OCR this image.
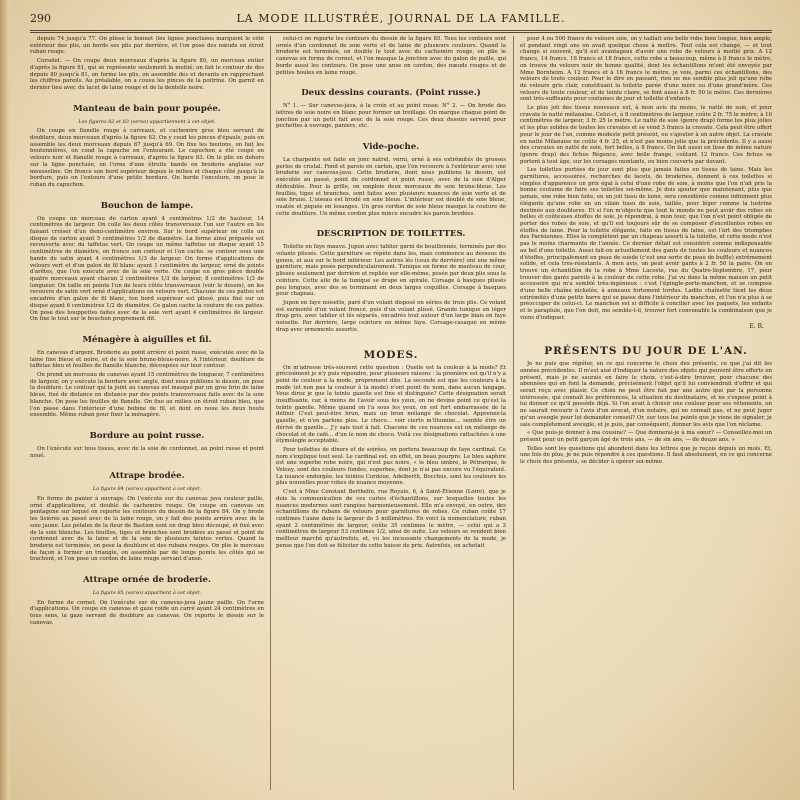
290	LA MODE ILLUSTRÉE, JOURNAL DE LA FAMILLE.

depuis 74 jusqu'à 77. On plisse le bonnet (les lignes ponctuées marquent le côté extérieur des plis, un bords ses plis par derrière, et l'on pose des nœuds en étroit ruban rouge.

Corselet. — On coupe deux morceaux d'après la figure 80, un morceau entier d'après la figure 81, qui se représente seulement la moitié; on fait le contour de des depuis 80 jusqu'à 81, on forme les plis, on assemble des et devants en rapprochant les chiffres pareils. Au préalable, on a cousu les pinces de la poitrine. On garnit en dernier lieu avec du lacet de laine rouge et de la dentelle noire.

Manteau de bain pour poupée.
Les figures 82 et 83 (verso) appartiennent à cet objet.

On coupe en flanelle rouge à carreaux, et cachemire gros bleu servant de doublure, deux morceaux d'après la figure 82. On y coud les pinces d'épaule, puis on assemble les deux morceaux depuis 67 jusqu'à 69. On fixe les boutons, on fait les boutonnières, on coud la capuche en l'entourant. Le capuchon a été coupé en velours noir et flanelle rouge à carreaux, d'après la figure 83. On le plie en dehors sur la ligne ponctuée, en l'orne d'une étroite bande en broderie anglaise sur mousseline. On fronce son bord supérieur depuis le milieu et chaque côté jusqu'à la bordure, puis on l'entoure d'une petite bordure. On borde l'encolure, on pose le ruban du capuchon.

Bouchon de lampe.

On coupe un morceau de carton ayant 4 centimètres 1/2 de hauteur, 14 centimètres de largeur. On colle les deux côtés transversaux l'un sur l'autre en les faisant croiser d'un demi-centimètre environ. Sur le bord supérieur on colle un disque de carton ayant 5 centimètres 1/2 de diamètre. La forme ainsi préparée est recouverte avec du taffetas vert. On coupe un même taffetas un disque ayant 15 centimètres de diamètre, en fronce son contour et l'on cache. se contour sous une bande de satin ayant 4 centimètres 1/3 de largeur. On forme d'applications de velours vert et d'un galon de fil blanc ayant 1 centimètre de largeur, orné de points d'arêtes, que l'on exécute avec de la soie verte. On coupe en gros pièce double quatre morceaux ayant chacun 2 centimètres 1/3 de largeur, 8 centimètres 1/3 de longueur. On taille en pointe l'un de leurs côtés transversaux (voir le dessin), on les recouvre de satin vert orné d'applications en velours vert. Chacune de ces pattes est encadrée d'un galon de fil blanc, ton bord supérieur est plissé, puis fixé sur un disque ayant 6 centimètres 1/2 de diamètre. Ce galon cache la couture de ces pattes. On pose des houppettes faites avec de la soie vert ayant 4 centimètres de largeur. On fixe le tout sur le bouchon proprement dit.

Ménagère à aiguilles et fil.

En canevas d'argent. Broderie au point arrière et point russe, exécutée avec de la laine fine bleue et noire, et de la soie brune-bleue-noire. A l'intérieur, doublure de taffetas bleu et feuilles de flanelle blanche, découpées sur leur contour.

On prend un morceau de canevas ayant 15 centimètres de longueur, 7 centimètres de largeur, on y exécute la bordure avec angle, dont nous publions le dessin, on pose la doublure. Le contour qui la joint au canevas est masqué par un gros brin de laine bleue, fixé de distance en distance par des points transversaux faits avec de la soie blanche. On pose les feuilles de flanelle. On fixe au milieu un étroit ruban bleu, que l'on passe dans l'intérieur d'une bobine de fil, et dont on noue les deux bouts ensemble. Même ruban pour fixer la ménagère.

Bordure au point russe.

On l'exécute sur tous tissus, avec de la soie de cordonnet, au point russe et point noué.

Attrape brodée.
La figure 84 (verso) appartient à cet objet.

En forme de panier à ouvrage. On l'exécute sur du canevas java couleur paille, orné d'applications, et doublé de cachemire rouge. On coupe en canevas un pentagone sur lequel on reporte les contours du dessin de la figure 84. On y brode les lisières au passé avec de la laine rouge, on y fait des points arrière avec de la soie jaune. Les pétales de la fleur de Bastion sont en drap bleu découpé, et fixé avec de la soie blanche. Les feuilles, tiges et branches sont brodées au passé et point de cordonnet avec de la laine et de la soie de plusieurs teintes vertes. Quand la broderie est terminée, on pose la doublure et des rubans rouges. On plie le morceau de façon à former un triangle, on assemble par de longs points les côtés qui se touchent, et l'on pose un cordon de laine rouge servant d'anse.

Attrape ornée de broderie.
La figure 85 (verso) appartient à cet objet.

En forme de cornet. On l'exécute sur du canevas-java jaune paille. On l'orne d'applications. On coupe en canevas et gaze roide un carré ayant 24 centimètres en tous sens, la gaze servant de doublure au canevas. On reporte le dessin sur le canevas.

celui-ci on reporte les contours du dessin de la figure 85. Tous les contours sont ornés d'un cordonnet de soie verte et de laine de plusieurs couleurs. Quand la broderie est terminée, on double le tout avec du cachemire rouge, on plie le canevas en forme de cornet, et l'on masque la jonction avec du galon de paille, qui borde aussi les contours. On pose une anse en cordon, des nœuds rouges et de petites houles en laine rouge.

Deux dessins courants. (Point russe.)

N° 1. — Sur canevas-java, à la croix et au point russe. N° 2. — On brode des lettres de soie noire en blanc pour former un treillage. On marque chaque point de jonction par un petit fait avec de la soie rouge. Ces deux dessins servent pour pochettes à ouvrage, paniers, etc.

Vide-poche.

La charpente est faite en jonc natrel, verni, orné à ses extrémités de grosses perles de cristal. Fond et parois en carton, que l'on recouvre à l'extérieur avec une broderie sur canevas-java. Cette broderie, dont nous publions le dessin, est exécutée au passé, point de cordonnet et point russe, avec de la soie d'Alger dédoublée. Pour la grille, on emploie deux morceaux de soie brune-bleue. Les feuilles, tiges et branches, sont faites avec plusieurs nuances de soie verte et de soie brune. L'oiseau est brodé en soie bleue. L'intérieur est doublé de soie bleue, ouatée et piquée en losanges. Un gros cordon de soie bleue masque la couture de cette doublure. Un même cordon plus mince encadre les parois brodées.

DESCRIPTION DE TOILETTES.

Toilette en faye mauve. Jupon avec tablier garni de bouillonnés, terminés par des volants plissés. Cette garniture se répète dans les, mais commence au dessous du genou, et aux sur le bord inférieur. Les autres lés (ceux de derrière) ont une même garniture, mais posés perpendiculairement. Tunique en forme de manteau de cour, plissée seulement par derrière et repliée sur elle-même, posée par deux plis sous la ceinture. Cette aile de la tunique se drape en spirale. Corsage à basques plissés peu longues, avec des se terminant en deux larges coquilles. Corsage à basques pour chapeau.

Jupon en faye noisette, paré d'un volant disposé en séries de trois plis. Ce volant est surmonté d'un volant froncé, puis d'un volant plissé. Grande tunique en léger drap gris, avec tablier et lés séparés, encadrés tout autour d'un large biais en faye noisette. Par derrière, large ceinture en même faye. Corsage-casaque en même drap avec ornements assortis.

MODES.

On m'adresse très-souvent cette question : Quelle est la couleur à la mode? Et précisément je n'y puis répondre, pour plusieurs raisons : la première est qu'il n'y a point de couleur à la mode, proprement dite. La seconde est que les couleurs à la mode (et non pas la couleur à la mode) n'ont point de nom, dans aucun langage. Vous direz je que la teinte gazelle est fine et distinguée? Cette désignation serait insuffisante, car, à moins de l'avoir sous les yeux, on ne devine point ce qu'est la teinte gazelle. Même quand on l'a sous les yeux, on est fort embarrassée de la définir. C'est peut-être brun, mais un brun mélangé de chocolat. Apprenez-la gazelle, et n'en parlons plus. Le choco... voir cierto m'illumine... semble être un dérivé de gazelle... J'y sais tout à fait. Chacune de ces nuances est un mélange de chocolat et de café... d'un le nom de choco. Voilà ces désignations rattachées à une étymologie acceptable.

Pour toilettes de dîners et de soirées, on portera beaucoup de faye cardinal. Ce nom s'explique tout seul. Le cardinal est, en effet, un beau pourpre. Le bleu saphire est une superbe robe noire, qui n'est pas noire, « le bleu ombre, le Pétrarque, le Velouy, sont des couleurs fondes, superbes, dont je n'ai pas encore vu l'équivalent. La nuance endorgée, les teintes Cordoue, Adelberth, Bocchus, sont les couleurs les plus nouvelles pour robes de nuance moyenne.

C'est à Mme Constant Berthelin, rue Royale, 6, à Saint-Étienne (Loire), que je dois la communication de ces cartes d'échantillons, sur lesquelles toutes les nuances modernes sont rangées harmonieusement. Elle m'a envoyé, en outre, des échantillons de rubans de velours pour garnitures de robes. Ce ruban coûte 17 centimes l'aune dans la largeur de 3 millimètres. En voici la nomenclature, ruban ayant 2 centimètres de largeur, coûte 35 centimes le mètre, — celui qui a 3 centimètres de largeur 53 centimes 1/2, ainsi de suite. Les velours se vendent bien meilleur marché qu'autrefois, et, vu les incessants changements de la mode, je pense que l'on doit se féliciter de cette baisse de prix. Autrefois, on achetait

pour 4 ou 500 francs de velours soie, on y taillait une belle robe bien longue, bien ample, et pendant vingt ans on avait quelque chose à mettre. Tout cela est changé, — et tout change si souvent, qu'il est avantageux d'avoir une robe de velours à moitié prix. A 12 francs, 14 francs, 16 francs et 18 francs, cette robe a beaucoup, même à 8 francs le mètre, on trouve du velours noir de bonne qualité, dont les échantillons m'ont été envoyés par Mme Bornheim. A 12 francs et à 16 francs le mètre, je vois, parmi ces échantillons, des velours de toute couleur. Pour le dire en passant, rien ne me semble plus joli qu'une robe de velours gris clair, constituant la toilette parée d'une mère ou d'une grand'mère. Ces velours de toute couleur, et de teinte claire, se font aussi à 8 fr. 50 le mètre. Ces dernières sont très-suffisants pour costumes de jour et toilette d'enfants.

Le plus joli des tissus nouveaux est, à mon avis du moins, le natté de soie, et pour cravate le natté mélanaise. Celui-ci, à 8 centimètres de largeur, coûte 2 fr. 75 le mètre; à 10 centimètres de largeur, 3 fr. 25 le mètre. Le natté de soie (genre drap) forme les plus jolies et les plus solides de toutes les cravates et se vend 3 francs la cravate. Cela peut être offert pour le jour de l'an, comme modeste petit présent, ou s'ajouter à un autre objet. La cravate en natté Milanaise ne coûte 4 fr. 25, et n'est pas moins jolie que la précédente. Il y a aussi des cravates en natté de soie, fort belles, à 8 francs. On fait aussi en lisse de même nature (genre drap) des fichus Régence, avec belle frange, coûtant 12 francs. Ces fichus se portent à tout âge, sur les corsages montants, ou bien couverts par devant.

Les toilettes portées de jour sont plus que jamais faites en tissus de laine. Mais les garnitures, accessoires, recherches de lacets, de broderies, donnent à ces toilettes si simples d'apparence un prix égal à celui d'une robe de soie, à moins que l'on n'ait pris la bonne coutume de faire ses toilettes soi-même. Je dois ajouter que maintenant, plus que jamais, une robe bien faite, en un joli tissu de laine, sera considérée comme infiniment plus élégante qu'une robe en un vilain tissu de soie, taillée, pour léger comme la lustrine destinée aux doublures. Et si l'on m'objecte que tout le monde ne peut avoir des robes en belles et coûteuses étoffes de soie, je répondrai, à mon tour, que l'on n'est point obligée de porter des robes de soie, et qu'il est toujours sûr de se composer d'excellentes robes en étoffes de laine. Pour la toilette élégante, faite en tissus de laine, est l'art des triomphes des Parisiennes. Elles la complètent par un chapeau assorti à la toilette, et cette mode n'est pas le moins charmante de l'année. Ce dernier détail est considéré comme indispensable au bel d'une toilette. Aussi fait-on actuellement des gants de toutes les couleurs et nuances d'étoffes, principalement en peau de suède (c'est une sorte de peau de buffle) extrêmement solide, et cela très-résistants. A mon avis, on peut avoir gants à 2 fr. 50 la paire. On en trouve un échantillon de la robe à Mme Lacoste, rue du Quatre-Septembre, 17, pour trouver des gants pareils à la couleur de cette robe. J'ai vu dans la même maison un petit accessoire qui m'a semblé très-ingénieux : c'est l'épingle-porte-manchon, et se compose d'une belle chaîne nickelée, à anneaux fortement tordus. Ladite chaînette tient les deux extrémités d'une petite barre qui se passe dans l'intérieur du manchon, et l'on n'a plus à se préoccuper de celui-ci. Le manchon est si difficile à concilier avec les paquets, les enfants et le parapluie, que l'on doit, me semble-t-il, trouver fort convenable la combinaison que je viens d'indiquer.

E. R.
PRÉSENTS DU JOUR DE L'AN.

Je ne puis que répéter, en ce qui concerne le choix des présents, ce que j'ai dit les années précédentes. Il m'est aisé d'indiquer la nature des objets qui peuvent être offerts en présent, mais je ne saurais en faire le choix, c'est-à-dire trouver, pour chacune des abonnées qui en font la demande, précisément l'objet qu'il lui conviendrait d'offrir et qui serait reçu avec plaisir. Ce choix ne peut être fait par une autre que par la personne intéressée, qui connaît les préférences, la situation du destinataire, et ne s'expose point à lui donner ce qu'il possède déjà. Si l'on avait à choisir une couleur pour ses vêtements, on ne saurait recourir à l'avis d'un avocat, d'un notaire, qui ne connaît pas, et ne peut juger qu'un avengle pour lui demander conseil? Or, sur tous les points que je viens de signaler, je sais complètement aveugle, et je puis, par conséquent, donner les avis que l'on réclame.

« Que puis-je donner à ma cousine? — Que donnerai-je à ma sœur? — Conseillez-moi un présent pour un petit garçon âgé de trois ans, — de six ans, — de douze ans. »

Telles sont les questions qui abondent dans les lettres que je reçois depuis un mois. Et, une fois de plus, je ne puis répondre à ces questions. Il faut absolument, en ce qui concerne le choix des présents, se décider à opérer soi-même.
